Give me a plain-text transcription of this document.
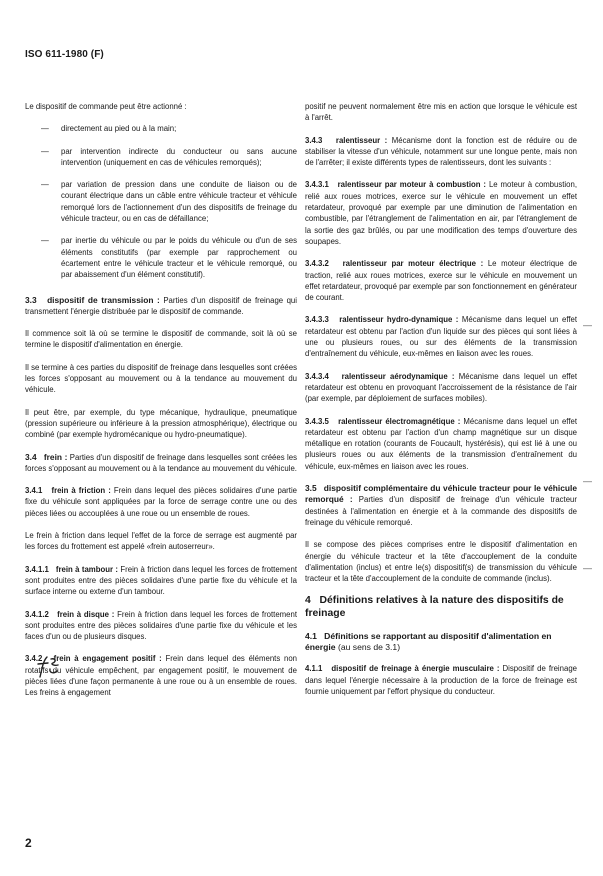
ISO 611-1980 (F)

Le dispositif de commande peut être actionné :

—	directement au pied ou à la main;
—	par intervention indirecte du conducteur ou sans aucune intervention (uniquement en cas de véhicules remorqués);
—	par variation de pression dans une conduite de liaison ou de courant électrique dans un câble entre véhicule tracteur et véhicule remorqué lors de l'actionnement d'un des dispositifs de freinage du véhicule tracteur, ou en cas de défaillance;
—	par inertie du véhicule ou par le poids du véhicule ou d'un de ses éléments constitutifs (par exemple par rapprochement ou écartement entre le véhicule tracteur et le véhicule remorqué, ou par abaissement d'un élément constitutif).

3.3 dispositif de transmission : Parties d'un dispositif de freinage qui transmettent l'énergie distribuée par le dispositif de commande.

Il commence soit là où se termine le dispositif de commande, soit là où se termine le dispositif d'alimentation en énergie.

Il se termine à ces parties du dispositif de freinage dans lesquelles sont créées les forces s'opposant au mouvement ou à la tendance au mouvement du véhicule.

Il peut être, par exemple, du type mécanique, hydraulique, pneumatique (pression supérieure ou inférieure à la pression atmosphérique), électrique ou combiné (par exemple hydromécanique ou hydro-pneumatique).

3.4 frein : Parties d'un dispositif de freinage dans lesquelles sont créées les forces s'opposant au mouvement ou à la tendance au mouvement du véhicule.

3.4.1 frein à friction : Frein dans lequel des pièces solidaires d'une partie fixe du véhicule sont appliquées par la force de serrage contre une ou des pièces liées ou accouplées à une roue ou un ensemble de roues.

Le frein à friction dans lequel l'effet de la force de serrage est augmenté par les forces du frottement est appelé «frein autoserreur».

3.4.1.1 frein à tambour : Frein à friction dans lequel les forces de frottement sont produites entre des pièces solidaires d'une partie fixe du véhicule et la surface interne ou externe d'un tambour.

3.4.1.2 frein à disque : Frein à friction dans lequel les forces de frottement sont produites entre des pièces solidaires d'une partie fixe du véhicule et les faces d'un ou de plusieurs disques.

3.4.2 frein à engagement positif : Frein dans lequel des éléments non rotatifs du véhicule empêchent, par engagement positif, le mouvement de pièces liées d'une façon permanente à une roue ou à un ensemble de roues. Les freins à engagement

positif ne peuvent normalement être mis en action que lorsque le véhicule est à l'arrêt.

3.4.3 ralentisseur : Mécanisme dont la fonction est de réduire ou de stabiliser la vitesse d'un véhicule, notamment sur une longue pente, mais non de l'arrêter; il existe différents types de ralentisseurs, dont les suivants :

3.4.3.1 ralentisseur par moteur à combustion : Le moteur à combustion, relié aux roues motrices, exerce sur le véhicule en mouvement un effet retardateur, provoqué par exemple par une diminution de l'alimentation en combustible, par l'étranglement de l'alimentation en air, par l'étranglement de la sortie des gaz brûlés, ou par une modification des temps d'ouverture des soupapes.

3.4.3.2 ralentisseur par moteur électrique : Le moteur électrique de traction, relié aux roues motrices, exerce sur le véhicule en mouvement un effet retardateur, provoqué par exemple par son fonctionnement en générateur de courant.

3.4.3.3 ralentisseur hydro-dynamique : Mécanisme dans lequel un effet retardateur est obtenu par l'action d'un liquide sur des pièces qui sont liées à une ou plusieurs roues, ou sur des éléments de la transmission d'entraînement du véhicule, eux-mêmes en liaison avec les roues.

3.4.3.4 ralentisseur aérodynamique : Mécanisme dans lequel un effet retardateur est obtenu en provoquant l'accroissement de la résistance de l'air (par exemple, par déploiement de surfaces mobiles).

3.4.3.5 ralentisseur électromagnétique : Mécanisme dans lequel un effet retardateur est obtenu par l'action d'un champ magnétique sur un disque métallique en rotation (courants de Foucault, hystérésis), qui est lié à une ou plusieurs roues ou aux éléments de la transmission d'entraînement du véhicule, eux-mêmes en liaison avec les roues.

3.5 dispositif complémentaire du véhicule tracteur pour le véhicule remorqué : Parties d'un dispositif de freinage d'un véhicule tracteur destinées à l'alimentation en énergie et à la commande des dispositifs de freinage du véhicule remorqué.

Il se compose des pièces comprises entre le dispositif d'alimentation en énergie du véhicule tracteur et la tête d'accouplement de la conduite d'alimentation (inclus) et entre le(s) dispositif(s) de transmission du véhicule tracteur et la tête d'accouplement de la conduite de commande (inclus).

4 Définitions relatives à la nature des dispositifs de freinage
4.1 Définitions se rapportant au dispositif d'alimentation en énergie (au sens de 3.1)

4.1.1 dispositif de freinage à énergie musculaire : Dispositif de freinage dans lequel l'énergie nécessaire à la production de la force de freinage est fournie uniquement par l'effort physique du conducteur.

—
—
—
2
